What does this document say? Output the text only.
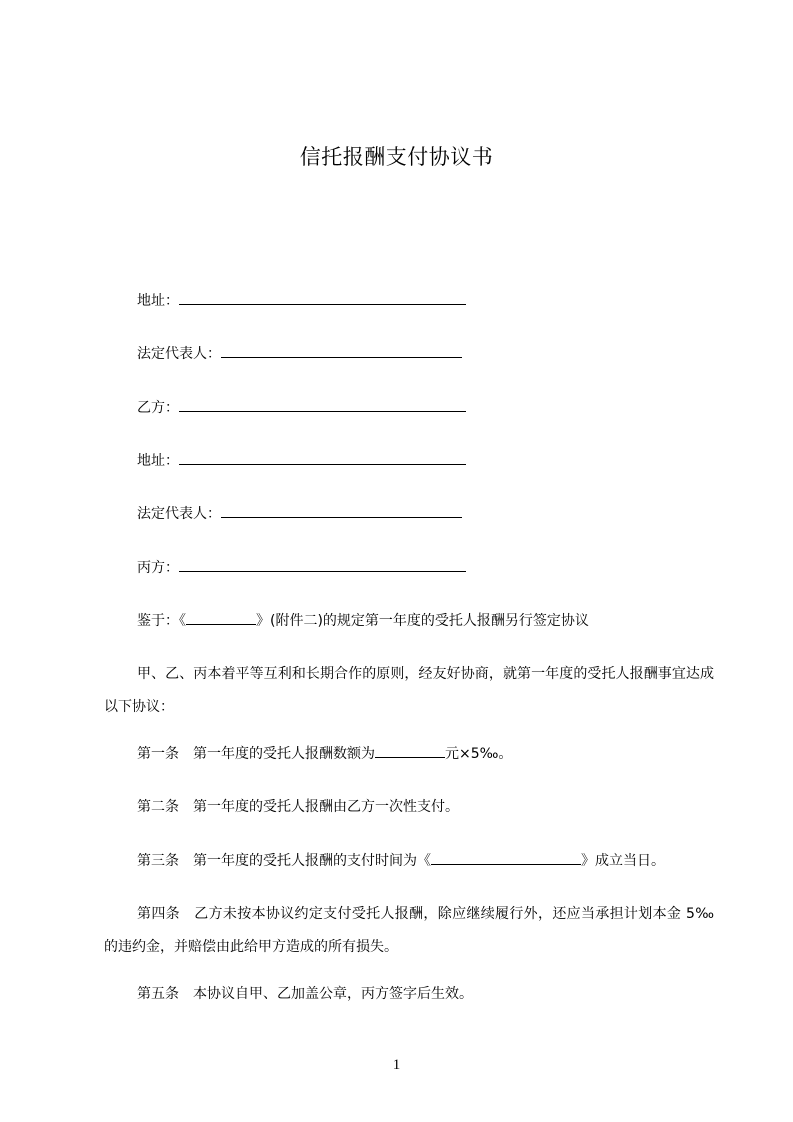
信托报酬支付协议书
地址：
法定代表人：
乙方：
地址：
法定代表人：
丙方：
鉴于：《	》(附件二)的规定第一年度的受托人报酬另行签定协议
甲、乙、丙本着平等互利和长期合作的原则，经友好协商，就第一年度的受托人报酬事宜达成以下协议：
第一条　第一年度的受托人报酬数额为	元×5‰。
第二条　第一年度的受托人报酬由乙方一次性支付。
第三条　第一年度的受托人报酬的支付时间为《	》成立当日。
第四条　乙方未按本协议约定支付受托人报酬，除应继续履行外，还应当承担计划本金 5‰的违约金，并赔偿由此给甲方造成的所有损失。
第五条　本协议自甲、乙加盖公章，丙方签字后生效。
1
